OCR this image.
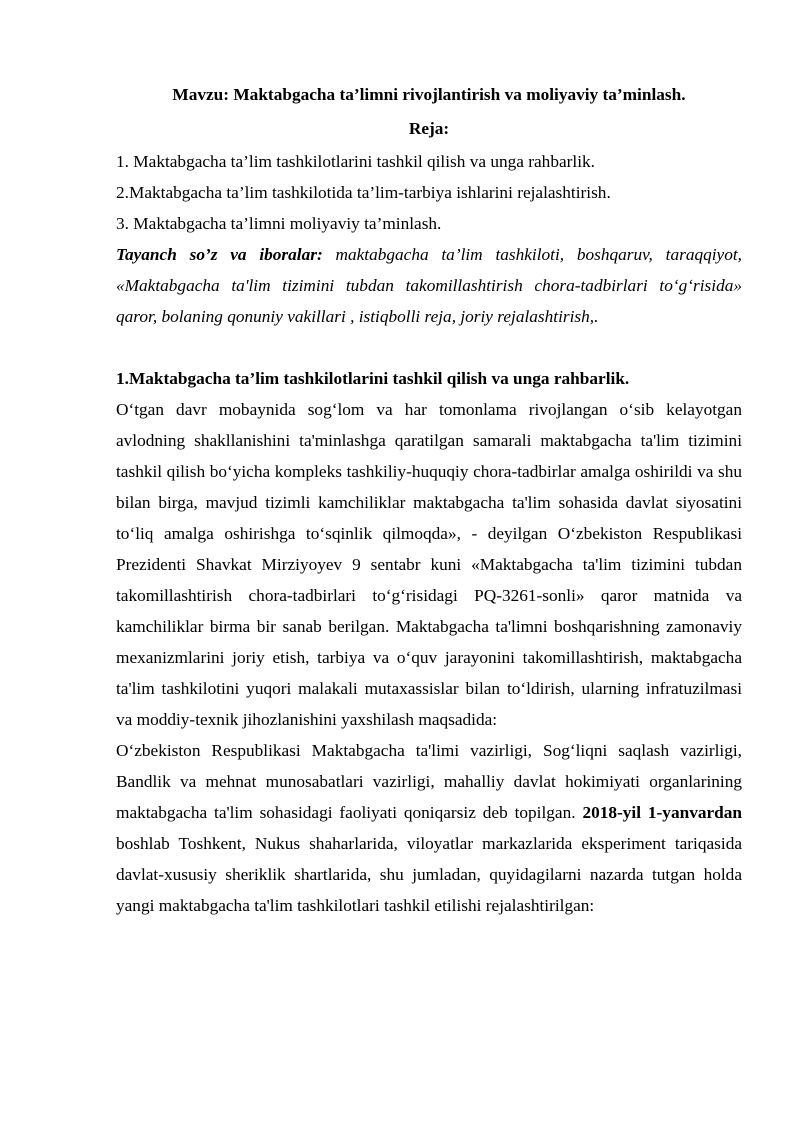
Mavzu: Maktabgacha ta’limni rivojlantirish va moliyaviy ta’minlash.

Reja:

1. Maktabgacha ta’lim tashkilotlarini tashkil qilish va unga rahbarlik.

2.Maktabgacha ta’lim tashkilotida ta’lim-tarbiya ishlarini rejalashtirish.

3. Maktabgacha ta’limni moliyaviy ta’minlash.

Tayanch so’z va iboralar: maktabgacha ta’lim tashkiloti, boshqaruv, taraqqiyot, «Maktabgacha ta'lim tizimini tubdan takomillashtirish chora-tadbirlari to‘g‘risida» qaror, bolaning qonuniy vakillari , istiqbolli reja, joriy rejalashtirish,.

1.Maktabgacha ta’lim tashkilotlarini tashkil qilish va unga rahbarlik.

O‘tgan davr mobaynida sog‘lom va har tomonlama rivojlangan o‘sib kelayotgan avlodning shakllanishini ta'minlashga qaratilgan samarali maktabgacha ta'lim tizimini tashkil qilish bo‘yicha kompleks tashkiliy-huquqiy chora-tadbirlar amalga oshirildi va shu bilan birga, mavjud tizimli kamchiliklar maktabgacha ta'lim sohasida davlat siyosatini to‘liq amalga oshirishga to‘sqinlik qilmoqda», - deyilgan O‘zbekiston Respublikasi Prezidenti Shavkat Mirziyoyev 9 sentabr kuni «Maktabgacha ta'lim tizimini tubdan takomillashtirish chora-tadbirlari to‘g‘risidagi PQ-3261-sonli» qaror matnida va kamchiliklar birma bir sanab berilgan. Maktabgacha ta'limni boshqarishning zamonaviy mexanizmlarini joriy etish, tarbiya va o‘quv jarayonini takomillashtirish, maktabgacha ta'lim tashkilotini yuqori malakali mutaxassislar bilan to‘ldirish, ularning infratuzilmasi va moddiy-texnik jihozlanishini yaxshilash maqsadida:

O‘zbekiston Respublikasi Maktabgacha ta'limi vazirligi, Sog‘liqni saqlash vazirligi, Bandlik va mehnat munosabatlari vazirligi, mahalliy davlat hokimiyati organlarining maktabgacha ta'lim sohasidagi faoliyati qoniqarsiz deb topilgan. 2018-yil 1-yanvardan boshlab Toshkent, Nukus shaharlarida, viloyatlar markazlarida eksperiment tariqasida davlat-xususiy sheriklik shartlarida, shu jumladan, quyidagilarni nazarda tutgan holda yangi maktabgacha ta'lim tashkilotlari tashkil etilishi rejalashtirilgan:
